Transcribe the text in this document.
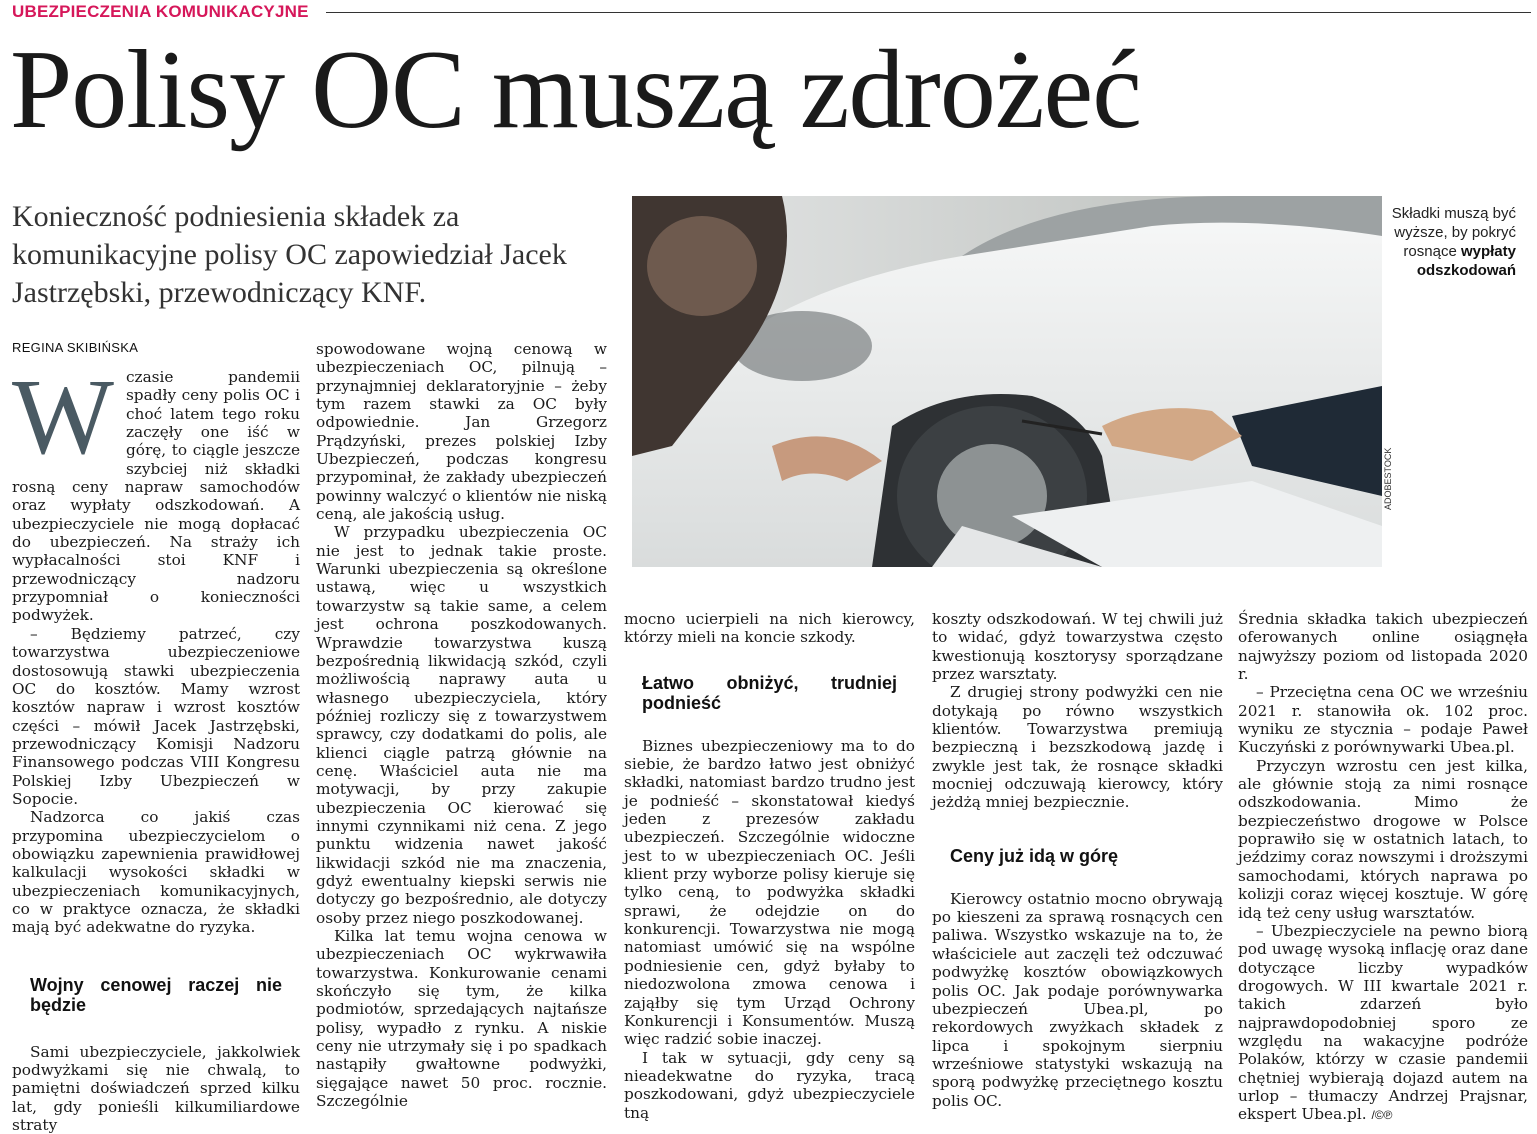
UBEZPIECZENIA KOMUNIKACYJNE
Polisy OC muszą zdrożeć
Konieczność podniesienia składek za komunikacyjne polisy OC zapowiedział Jacek Jastrzębski, przewodniczący KNF.
REGINA SKIBIŃSKA
W czasie pandemii spadły ceny polis OC i choć latem tego roku zaczęły one iść w górę, to ciągle jeszcze szybciej niż składki rosną ceny napraw samochodów oraz wypłaty odszkodowań. A ubezpieczyciele nie mogą dopłacać do ubezpieczeń. Na straży ich wypłacalności stoi KNF i przewodniczący nadzoru przypomniał o konieczności podwyżek.

– Będziemy patrzeć, czy towarzystwa ubezpieczeniowe dostosowują stawki ubezpieczenia OC do kosztów. Mamy wzrost kosztów napraw i wzrost kosztów części – mówił Jacek Jastrzębski, przewodniczący Komisji Nadzoru Finansowego podczas VIII Kongresu Polskiej Izby Ubezpieczeń w Sopocie.

Nadzorca co jakiś czas przypomina ubezpieczycielom o obowiązku zapewnienia prawidłowej kalkulacji wysokości składki w ubezpieczeniach komunikacyjnych, co w praktyce oznacza, że składki mają być adekwatne do ryzyka.

Wojny cenowej raczej nie będzie

Sami ubezpieczyciele, jakkolwiek podwyżkami się nie chwalą, to pamiętni doświadczeń sprzed kilku lat, gdy ponieśli kilkumiliardowe straty

spowodowane wojną cenową w ubezpieczeniach OC, pilnują – przynajmniej deklaratoryjnie – żeby tym razem stawki za OC były odpowiednie. Jan Grzegorz Prądzyński, prezes polskiej Izby Ubezpieczeń, podczas kongresu przypominał, że zakłady ubezpieczeń powinny walczyć o klientów nie niską ceną, ale jakością usług.

W przypadku ubezpieczenia OC nie jest to jednak takie proste. Warunki ubezpieczenia są określone ustawą, więc u wszystkich towarzystw są takie same, a celem jest ochrona poszkodowanych. Wprawdzie towarzystwa kuszą bezpośrednią likwidacją szkód, czyli możliwością naprawy auta u własnego ubezpieczyciela, który później rozliczy się z towarzystwem sprawcy, czy dodatkami do polis, ale klienci ciągle patrzą głównie na cenę. Właściciel auta nie ma motywacji, by przy zakupie ubezpieczenia OC kierować się innymi czynnikami niż cena. Z jego punktu widzenia nawet jakość likwidacji szkód nie ma znaczenia, gdyż ewentualny kiepski serwis nie dotyczy go bezpośrednio, ale dotyczy osoby przez niego poszkodowanej.

Kilka lat temu wojna cenowa w ubezpieczeniach OC wykrwawiła towarzystwa. Konkurowanie cenami skończyło się tym, że kilka podmiotów, sprzedających najtańsze polisy, wypadło z rynku. A niskie ceny nie utrzymały się i po spadkach nastąpiły gwałtowne podwyżki, sięgające nawet 50 proc. rocznie. Szczególnie

ADOBESTOCK
Składki muszą być wyższe, by pokryć rosnące wypłaty odszkodowań

mocno ucierpieli na nich kierowcy, którzy mieli na koncie szkody.

Łatwo obniżyć, trudniej podnieść

Biznes ubezpieczeniowy ma to do siebie, że bardzo łatwo jest obniżyć składki, natomiast bardzo trudno jest je podnieść – skonstatował kiedyś jeden z prezesów zakładu ubezpieczeń. Szczególnie widoczne jest to w ubezpieczeniach OC. Jeśli klient przy wyborze polisy kieruje się tylko ceną, to podwyżka składki sprawi, że odejdzie on do konkurencji. Towarzystwa nie mogą natomiast umówić się na wspólne podniesienie cen, gdyż byłaby to niedozwolona zmowa cenowa i zająłby się tym Urząd Ochrony Konkurencji i Konsumentów. Muszą więc radzić sobie inaczej.

I tak w sytuacji, gdy ceny są nieadekwatne do ryzyka, tracą poszkodowani, gdyż ubezpieczyciele tną

koszty odszkodowań. W tej chwili już to widać, gdyż towarzystwa często kwestionują kosztorysy sporządzane przez warsztaty.

Z drugiej strony podwyżki cen nie dotykają po równo wszystkich klientów. Towarzystwa premiują bezpieczną i bezszkodową jazdę i zwykle jest tak, że rosnące składki mocniej odczuwają kierowcy, który jeżdżą mniej bezpiecznie.

Ceny już idą w górę

Kierowcy ostatnio mocno obrywają po kieszeni za sprawą rosnących cen paliwa. Wszystko wskazuje na to, że właściciele aut zaczęli też odczuwać podwyżkę kosztów obowiązkowych polis OC. Jak podaje porównywarka ubezpieczeń Ubea.pl, po rekordowych zwyżkach składek z lipca i spokojnym sierpniu wrześniowe statystyki wskazują na sporą podwyżkę przeciętnego kosztu polis OC.

Średnia składka takich ubezpieczeń oferowanych online osiągnęła najwyższy poziom od listopada 2020 r.

– Przeciętna cena OC we wrześniu 2021 r. stanowiła ok. 102 proc. wyniku ze stycznia – podaje Paweł Kuczyński z porównywarki Ubea.pl.

Przyczyn wzrostu cen jest kilka, ale głównie stoją za nimi rosnące odszkodowania. Mimo że bezpieczeństwo drogowe w Polsce poprawiło się w ostatnich latach, to jeździmy coraz nowszymi i droższymi samochodami, których naprawa po kolizji coraz więcej kosztuje. W górę idą też ceny usług warsztatów.

– Ubezpieczyciele na pewno biorą pod uwagę wysoką inflację oraz dane dotyczące liczby wypadków drogowych. W III kwartale 2021 r. takich zdarzeń było najprawdopodobniej sporo ze względu na wakacyjne podróże Polaków, którzy w czasie pandemii chętniej wybierają dojazd autem na urlop – tłumaczy Andrzej Prajsnar, ekspert Ubea.pl. /©℗
